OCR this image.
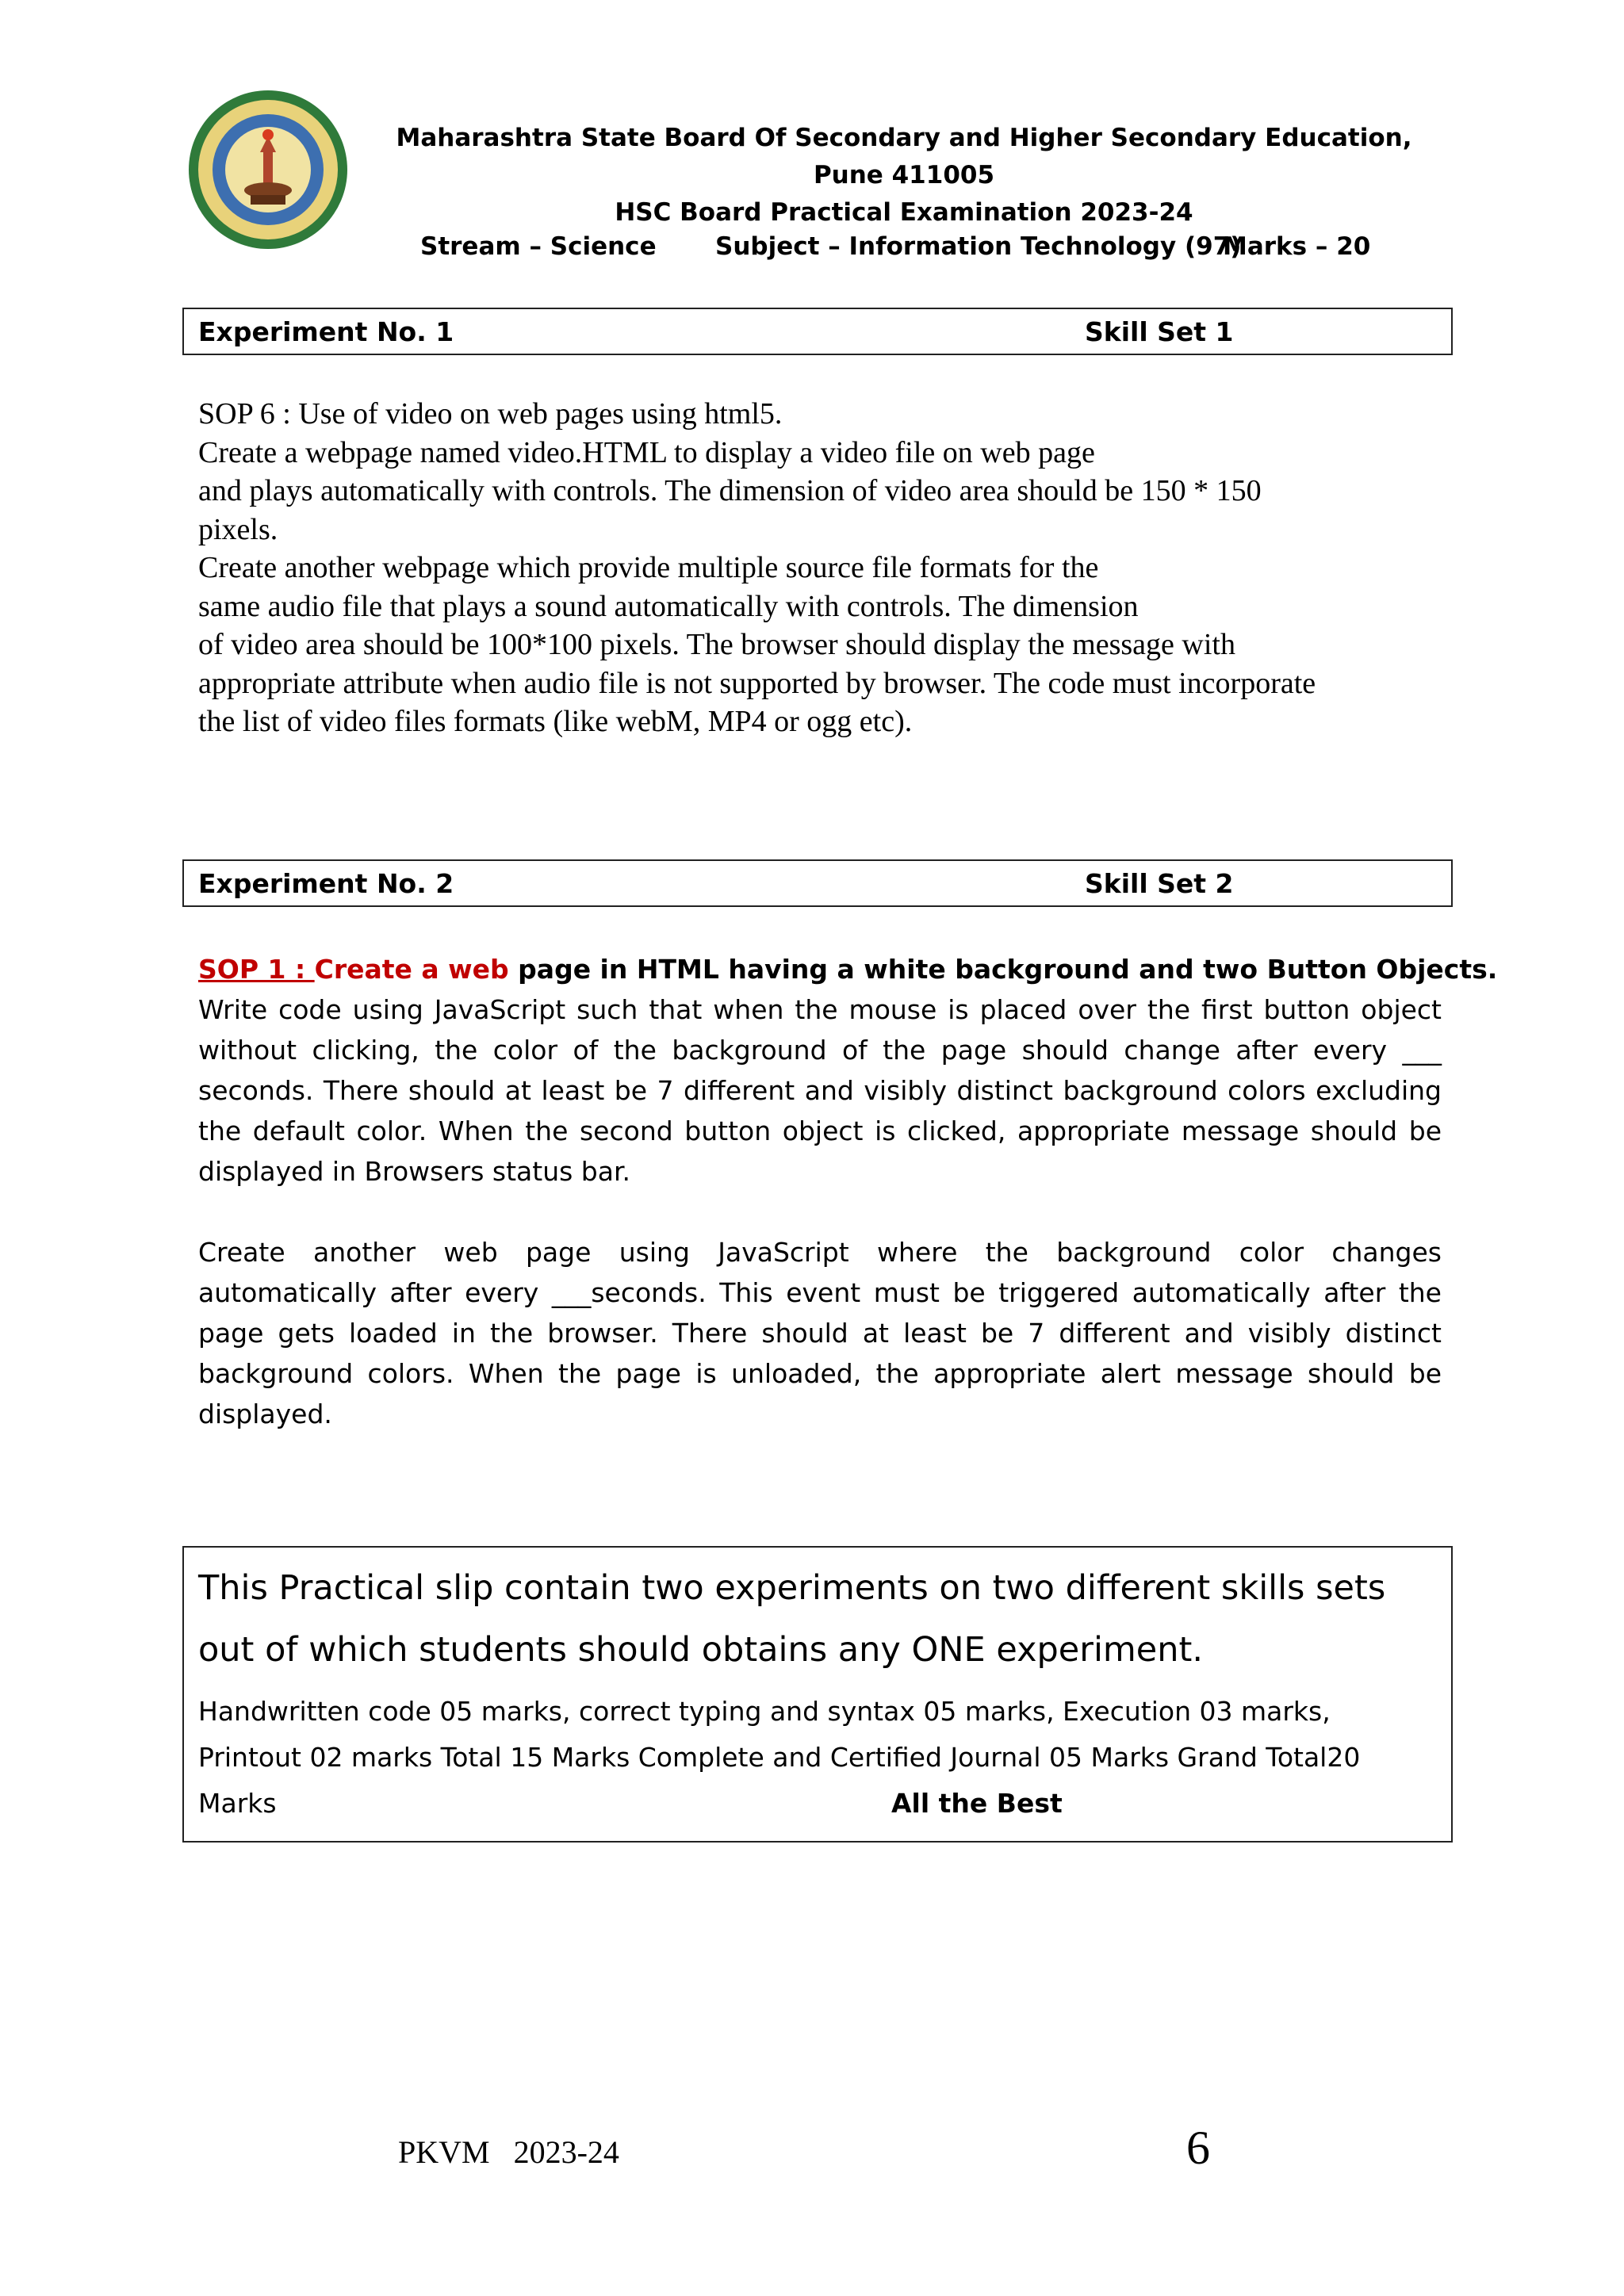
Maharashtra State Board Of Secondary and Higher Secondary Education,
Pune 411005
HSC Board Practical Examination 2023-24
Stream – Science Subject – Information Technology (97)
Marks – 20
Experiment No. 1	Skill Set 1
SOP 6 : Use of video on web pages using html5.
Create a webpage named video.HTML to display a video file on web page
and plays automatically with controls. The dimension of video area should be 150 * 150
pixels.
Create another webpage which provide multiple source file formats for the
same audio file that plays a sound automatically with controls. The dimension
of video area should be 100*100 pixels. The browser should display the message with
appropriate attribute when audio file is not supported by browser. The code must incorporate
the list of video files formats (like webM, MP4 or ogg etc).
Experiment No. 2	Skill Set 2
SOP 1 : Create a web page in HTML having a white background and two Button Objects.
Write code using JavaScript such that when the mouse is placed over the first button object
without clicking, the color of the background of the page should change after every ___
seconds. There should at least be 7 different and visibly distinct background colors excluding
the default color. When the second button object is clicked, appropriate message should be
displayed in Browsers status bar.
Create another web page using JavaScript where the background color changes
automatically after every ___seconds. This event must be triggered automatically after the
page gets loaded in the browser. There should at least be 7 different and visibly distinct
background colors. When the page is unloaded, the appropriate alert message should be
displayed.
This Practical slip contain two experiments on two different skills sets
out of which students should obtains any ONE experiment.
Handwritten code 05 marks, correct typing and syntax 05 marks, Execution 03 marks,
Printout 02 marks Total 15 Marks Complete and Certified Journal 05 Marks Grand Total20
Marks	All the Best
PKVM   2023-24	6
